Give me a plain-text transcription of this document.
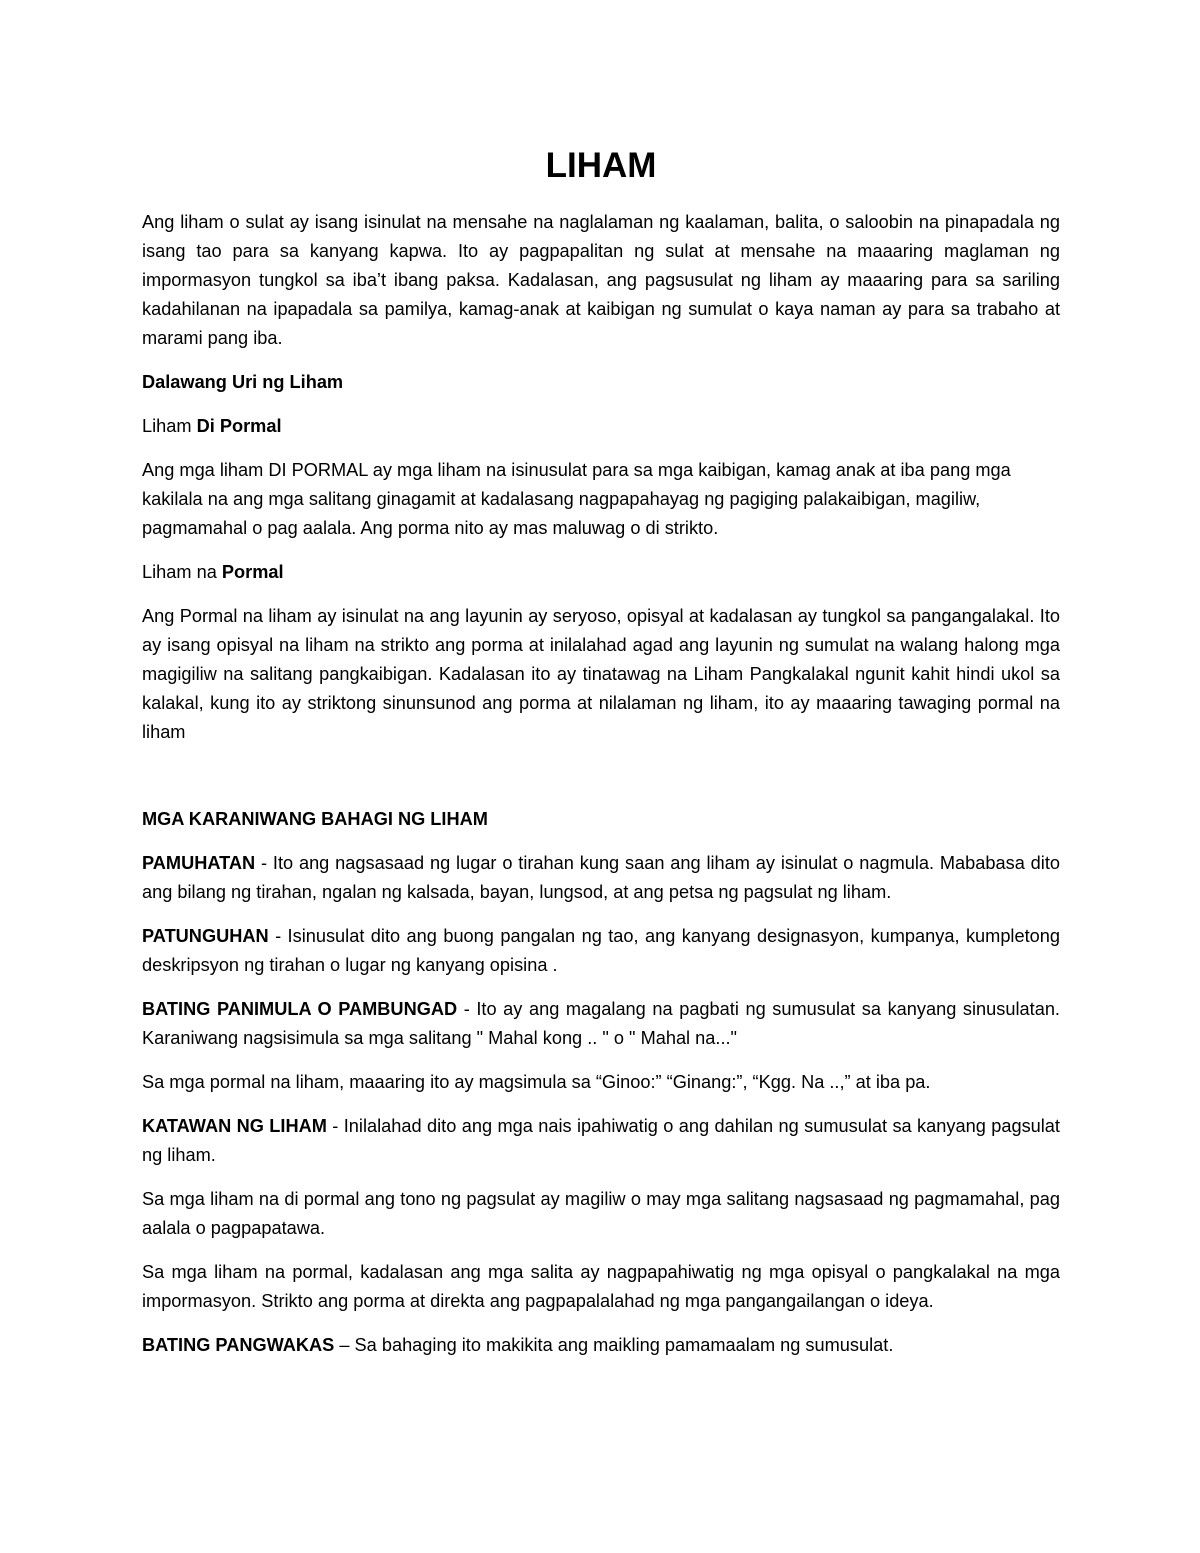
LIHAM

Ang liham o sulat ay isang isinulat na mensahe na naglalaman ng kaalaman, balita, o saloobin na pinapadala ng isang tao para sa kanyang kapwa. Ito ay pagpapalitan ng sulat at mensahe na maaaring maglaman ng impormasyon tungkol sa iba’t ibang paksa. Kadalasan, ang pagsusulat ng liham ay maaaring para sa sariling kadahilanan na ipapadala sa pamilya, kamag-anak at kaibigan ng sumulat o kaya naman ay para sa trabaho at marami pang iba.

Dalawang Uri ng Liham

Liham Di Pormal

Ang mga liham DI PORMAL ay mga liham na isinusulat para sa mga kaibigan, kamag anak at iba pang mga kakilala na ang mga salitang ginagamit at kadalasang nagpapahayag ng pagiging palakaibigan, magiliw, pagmamahal o pag aalala. Ang porma nito ay mas maluwag o di strikto.

Liham na Pormal

Ang Pormal na liham ay isinulat na ang layunin ay seryoso, opisyal at kadalasan ay tungkol sa pangangalakal. Ito ay isang opisyal na liham na strikto ang porma at inilalahad agad ang layunin ng sumulat na walang halong mga magigiliw na salitang pangkaibigan. Kadalasan ito ay tinatawag na Liham Pangkalakal ngunit kahit hindi ukol sa kalakal, kung ito ay striktong sinunsunod ang porma at nilalaman ng liham, ito ay maaaring tawaging pormal na liham

MGA KARANIWANG BAHAGI NG LIHAM

PAMUHATAN - Ito ang nagsasaad ng lugar o tirahan kung saan ang liham ay isinulat o nagmula. Mababasa dito ang bilang ng tirahan, ngalan ng kalsada, bayan, lungsod, at ang petsa ng pagsulat ng liham.

PATUNGUHAN - Isinusulat dito ang buong pangalan ng tao, ang kanyang designasyon, kumpanya, kumpletong deskripsyon ng tirahan o lugar ng kanyang opisina .

BATING PANIMULA O PAMBUNGAD - Ito ay ang magalang na pagbati ng sumusulat sa kanyang sinusulatan. Karaniwang nagsisimula sa mga salitang " Mahal kong .. " o " Mahal na..."

Sa mga pormal na liham, maaaring ito ay magsimula sa “Ginoo:” “Ginang:”, “Kgg. Na ..,” at iba pa.

KATAWAN NG LIHAM - Inilalahad dito ang mga nais ipahiwatig o ang dahilan ng sumusulat sa kanyang pagsulat ng liham.

Sa mga liham na di pormal ang tono ng pagsulat ay magiliw o may mga salitang nagsasaad ng pagmamahal, pag aalala o pagpapatawa.

Sa mga liham na pormal, kadalasan ang mga salita ay nagpapahiwatig ng mga opisyal o pangkalakal na mga impormasyon. Strikto ang porma at direkta ang pagpapalalahad ng mga pangangailangan o ideya.

BATING PANGWAKAS – Sa bahaging ito makikita ang maikling pamamaalam ng sumusulat.
